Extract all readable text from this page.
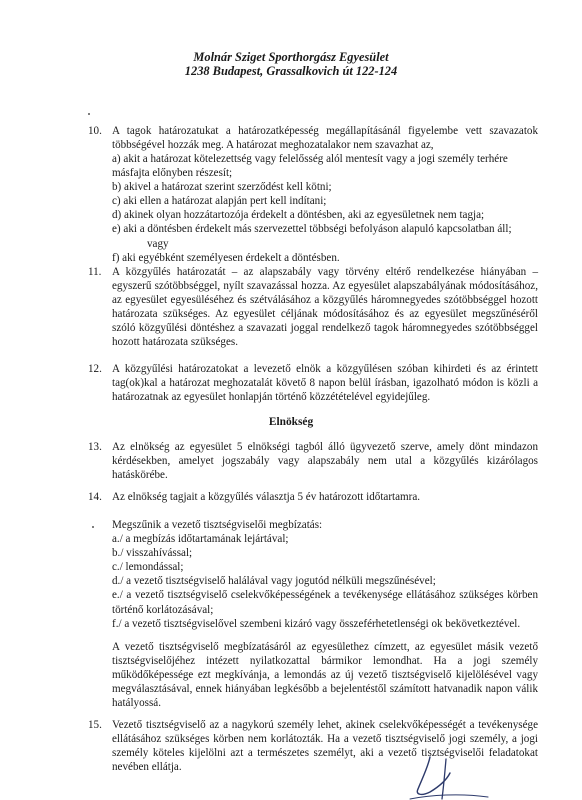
Molnár Sziget Sporthorgász Egyesület
1238 Budapest, Grassalkovich út 122-124
10. A tagok határozatukat a határozatképesség megállapításánál figyelembe vett szavazatok többségével hozzák meg. A határozat meghozatalakor nem szavazhat az,
a) akit a határozat kötelezettség vagy felelősség alól mentesít vagy a jogi személy terhére másfajta előnyben részesít;
b) akivel a határozat szerint szerződést kell kötni;
c) aki ellen a határozat alapján pert kell indítani;
d) akinek olyan hozzátartozója érdekelt a döntésben, aki az egyesületnek nem tagja;
e) aki a döntésben érdekelt más szervezettel többségi befolyáson alapuló kapcsolatban áll;
vagy
f) aki egyébként személyesen érdekelt a döntésben.
11. A közgyűlés határozatát – az alapszabály vagy törvény eltérő rendelkezése hiányában – egyszerű szótöbbséggel, nyílt szavazással hozza. Az egyesület alapszabályának módosításához, az egyesület egyesüléséhez és szétválásához a közgyűlés háromnegyedes szótöbbséggel hozott határozata szükséges. Az egyesület céljának módosításához és az egyesület megszűnéséről szóló közgyűlési döntéshez a szavazati joggal rendelkező tagok háromnegyedes szótöbbséggel hozott határozata szükséges.
12. A közgyűlési határozatokat a levezető elnök a közgyűlésen szóban kihirdeti és az érintett tag(ok)kal a határozat meghozatalát követő 8 napon belül írásban, igazolható módon is közli a határozatnak az egyesület honlapján történő közzétételével egyidejűleg.
Elnökség
13. Az elnökség az egyesület 5 elnökségi tagból álló ügyvezető szerve, amely dönt mindazon kérdésekben, amelyet jogszabály vagy alapszabály nem utal a közgyűlés kizárólagos hatáskörébe.
14. Az elnökség tagjait a közgyűlés választja 5 év határozott időtartamra.
Megszűnik a vezető tisztségviselői megbízatás:
a./ a megbízás időtartamának lejártával;
b./ visszahívással;
c./ lemondással;
d./ a vezető tisztségviselő halálával vagy jogutód nélküli megszűnésével;
e./ a vezető tisztségviselő cselekvőképességének a tevékenysége ellátásához szükséges körben történő korlátozásával;
f./ a vezető tisztségviselővel szembeni kizáró vagy összeférhetetlenségi ok bekövetkeztével.
A vezető tisztségviselő megbízatásáról az egyesülethez címzett, az egyesület másik vezető tisztségviselőjéhez intézett nyilatkozattal bármikor lemondhat. Ha a jogi személy működőképessége ezt megkívánja, a lemondás az új vezető tisztségviselő kijelölésével vagy megválasztásával, ennek hiányában legkésőbb a bejelentéstől számított hatvanadik napon válik hatályossá.
15. Vezető tisztségviselő az a nagykorú személy lehet, akinek cselekvőképességét a tevékenysége ellátásához szükséges körben nem korlátozták. Ha a vezető tisztségviselő jogi személy, a jogi személy köteles kijelölni azt a természetes személyt, aki a vezető tisztségviselői feladatokat nevében ellátja.
